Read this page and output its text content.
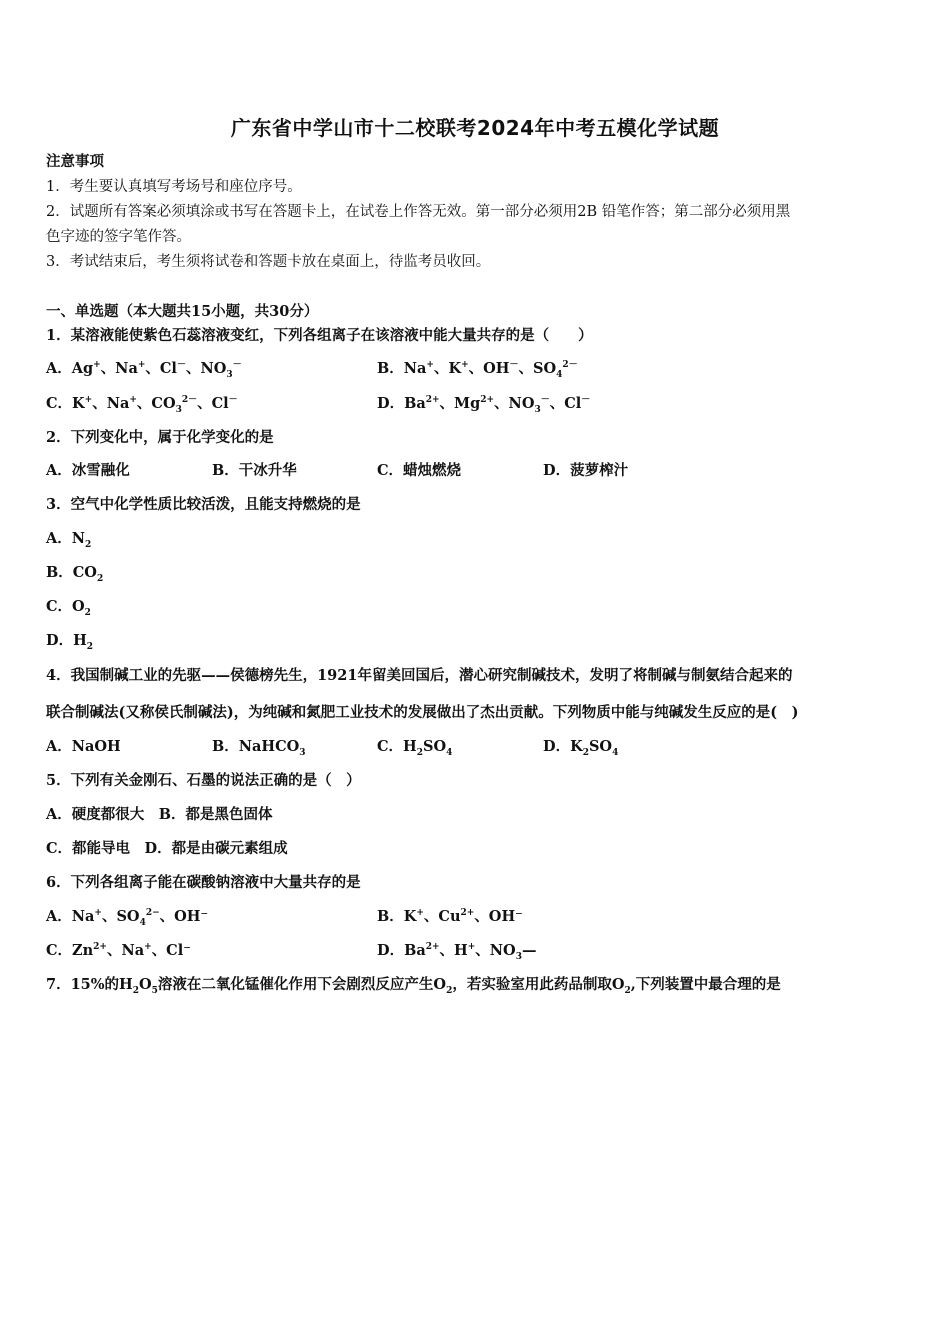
广东省中学山市十二校联考2024年中考五模化学试题
注意事项
1．考生要认真填写考场号和座位序号。
2．试题所有答案必须填涂或书写在答题卡上，在试卷上作答无效。第一部分必须用2B 铅笔作答；第二部分必须用黑
色字迹的签字笔作答。
3．考试结束后，考生须将试卷和答题卡放在桌面上，待监考员收回。
一、单选题（本大题共15小题，共30分）
1．某溶液能使紫色石蕊溶液变红，下列各组离子在该溶液中能大量共存的是（　　）
A．Ag+、Na+、Cl－、$NO_3^-$	B．Na+、K+、OH－、$SO_4^{2-}$
C．K+、Na+、$CO_3^{2-}$、Cl－	D．$Ba^{2+}$、$Mg^{2+}$、$NO_3^-$、Cl－
2．下列变化中，属于化学变化的是
A．冰雪融化	B．干冰升华	C．蜡烛燃烧	D．菠萝榨汁
3．空气中化学性质比较活泼，且能支持燃烧的是
A．$N_2$
B．$CO_2$
C．$O_2$
D．$H_2$
4．我国制碱工业的先驱——侯德榜先生，1921年留美回国后，潜心研究制碱技术，发明了将制碱与制氨结合起来的
联合制碱法(又称侯氏制碱法)，为纯碱和氮肥工业技术的发展做出了杰出贡献。下列物质中能与纯碱发生反应的是(　)
A．NaOH	B．NaHCO$_3$	C．$H_2SO_4$	D．$K_2SO_4$
5．下列有关金刚石、石墨的说法正确的是（　）
A．硬度都很大　B．都是黑色固体
C．都能导电　D．都是由碳元素组成
6．下列各组离子能在碳酸钠溶液中大量共存的是
A．Na+、$SO_4^{2-}$、OH⁻	B．K+、$Cu^{2+}$、OH⁻
C．$Zn^{2+}$、Na+、Cl⁻	D．$Ba^{2+}$、H+、$NO_3—$
7．15%的$H_2O_5$溶液在二氧化锰催化作用下会剧烈反应产生$O_2$，若实验室用此药品制取$O_2$,下列装置中最合理的是
